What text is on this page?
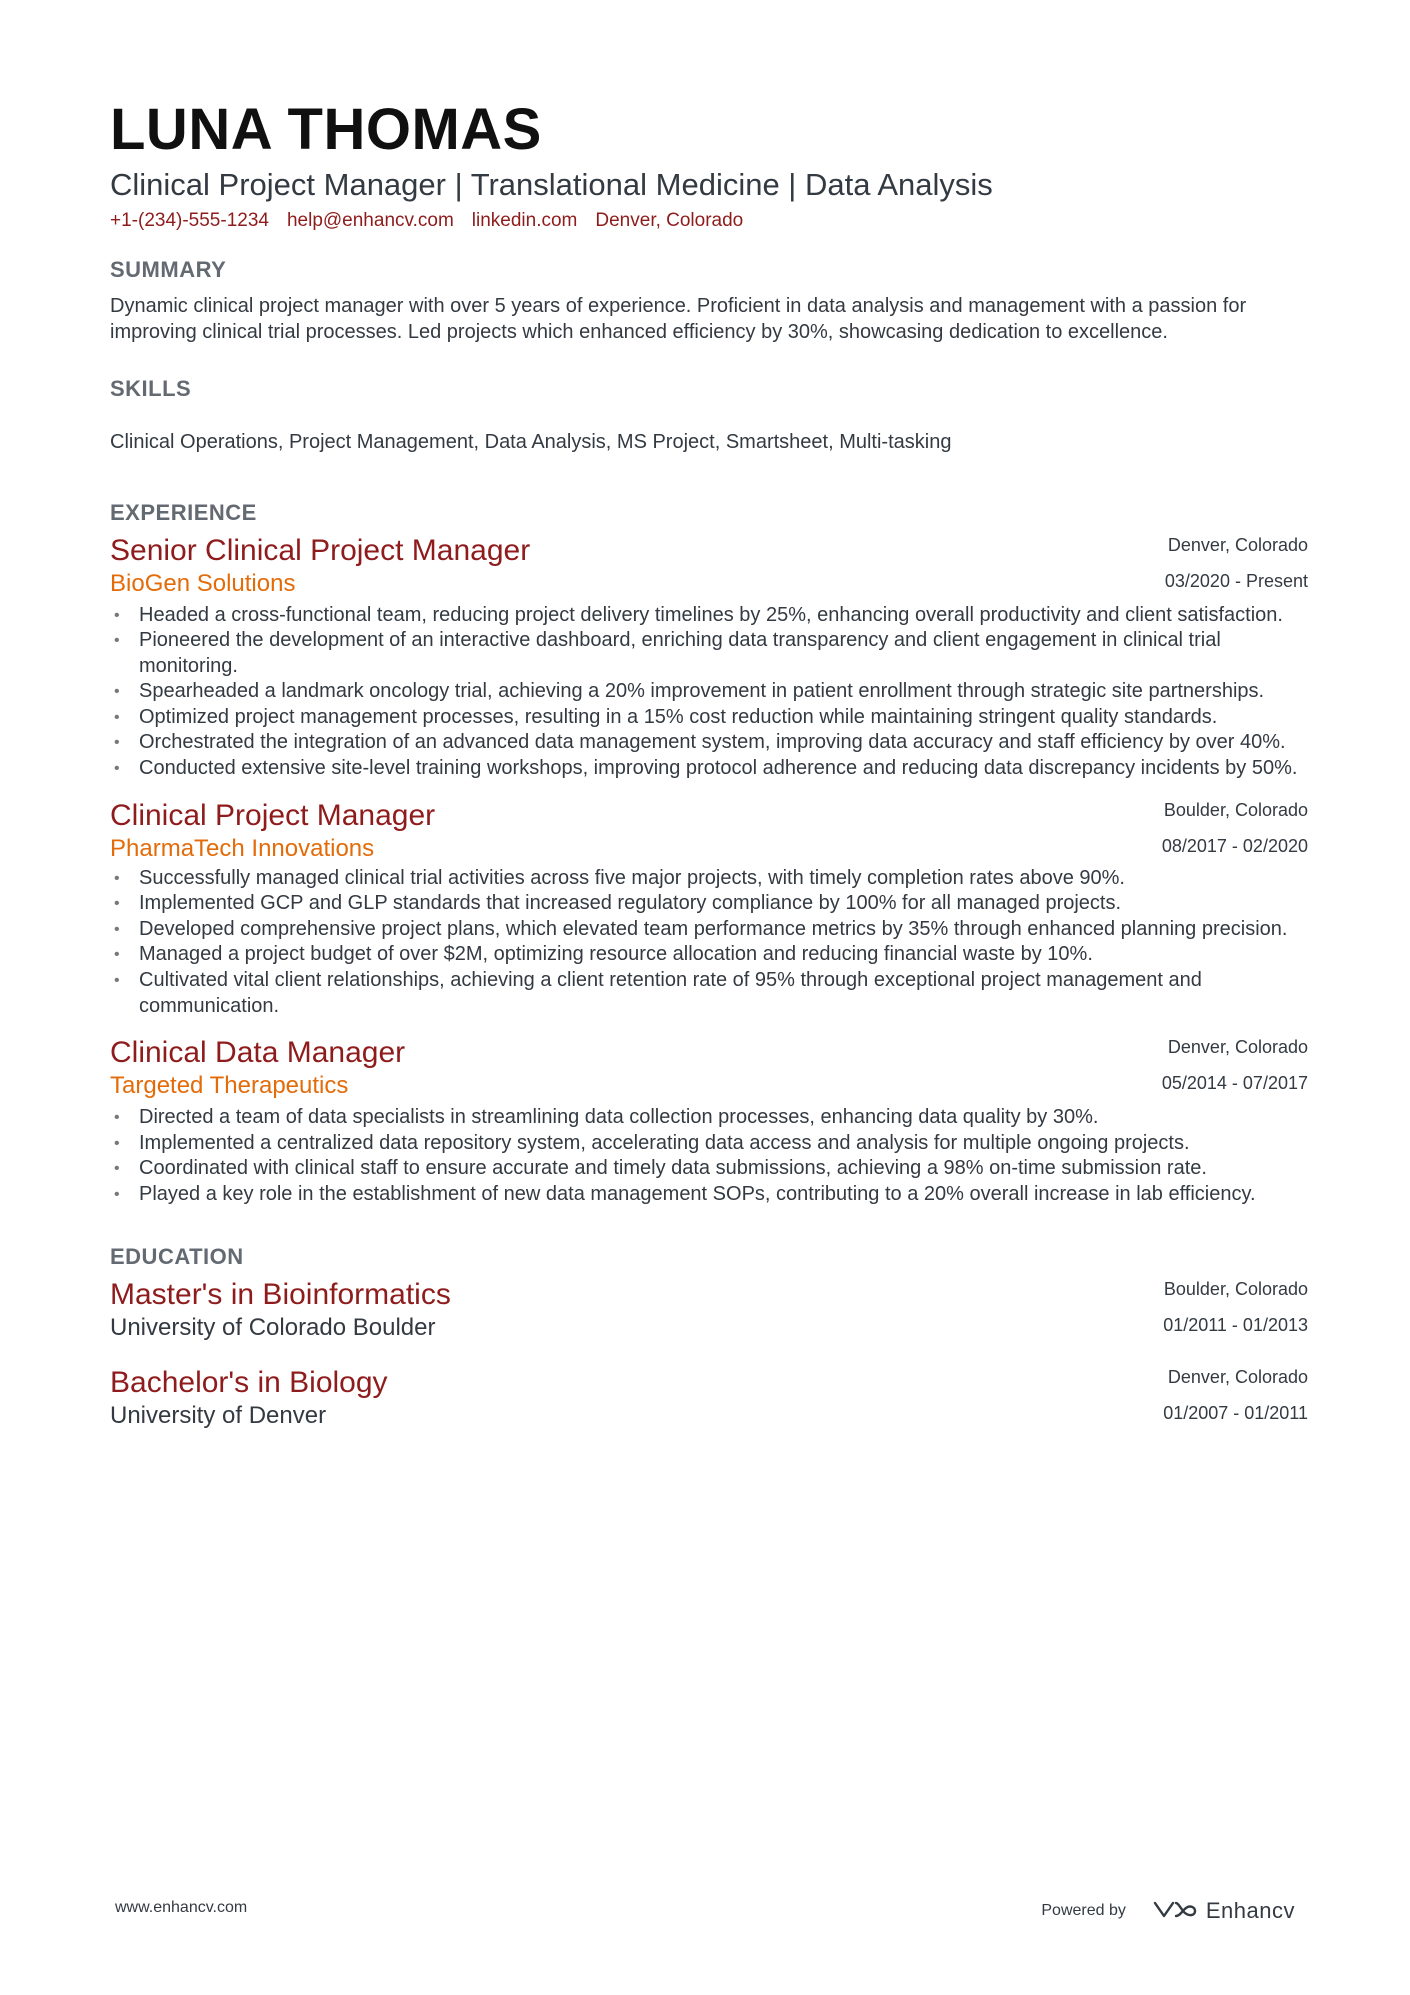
LUNA THOMAS
Clinical Project Manager | Translational Medicine | Data Analysis
+1-(234)-555-1234 help@enhancv.com linkedin.com Denver, Colorado
SUMMARY
Dynamic clinical project manager with over 5 years of experience. Proficient in data analysis and management with a passion for improving clinical trial processes. Led projects which enhanced efficiency by 30%, showcasing dedication to excellence.
SKILLS
Clinical Operations, Project Management, Data Analysis, MS Project, Smartsheet, Multi-tasking
EXPERIENCE
Denver, Colorado
03/2020 - Present
Senior Clinical Project Manager
BioGen Solutions
• Headed a cross-functional team, reducing project delivery timelines by 25%, enhancing overall productivity and client satisfaction.
• Pioneered the development of an interactive dashboard, enriching data transparency and client engagement in clinical trial monitoring.
• Spearheaded a landmark oncology trial, achieving a 20% improvement in patient enrollment through strategic site partnerships.
• Optimized project management processes, resulting in a 15% cost reduction while maintaining stringent quality standards.
• Orchestrated the integration of an advanced data management system, improving data accuracy and staff efficiency by over 40%.
• Conducted extensive site-level training workshops, improving protocol adherence and reducing data discrepancy incidents by 50%.
Boulder, Colorado
08/2017 - 02/2020
Clinical Project Manager
PharmaTech Innovations
• Successfully managed clinical trial activities across five major projects, with timely completion rates above 90%.
• Implemented GCP and GLP standards that increased regulatory compliance by 100% for all managed projects.
• Developed comprehensive project plans, which elevated team performance metrics by 35% through enhanced planning precision.
• Managed a project budget of over $2M, optimizing resource allocation and reducing financial waste by 10%.
• Cultivated vital client relationships, achieving a client retention rate of 95% through exceptional project management and communication.
Denver, Colorado
05/2014 - 07/2017
Clinical Data Manager
Targeted Therapeutics
• Directed a team of data specialists in streamlining data collection processes, enhancing data quality by 30%.
• Implemented a centralized data repository system, accelerating data access and analysis for multiple ongoing projects.
• Coordinated with clinical staff to ensure accurate and timely data submissions, achieving a 98% on-time submission rate.
• Played a key role in the establishment of new data management SOPs, contributing to a 20% overall increase in lab efficiency.
EDUCATION
Boulder, Colorado
01/2011 - 01/2013
Master's in Bioinformatics
University of Colorado Boulder
Denver, Colorado
01/2007 - 01/2011
Bachelor's in Biology
University of Denver
www.enhancv.com	Powered by	Enhancv
